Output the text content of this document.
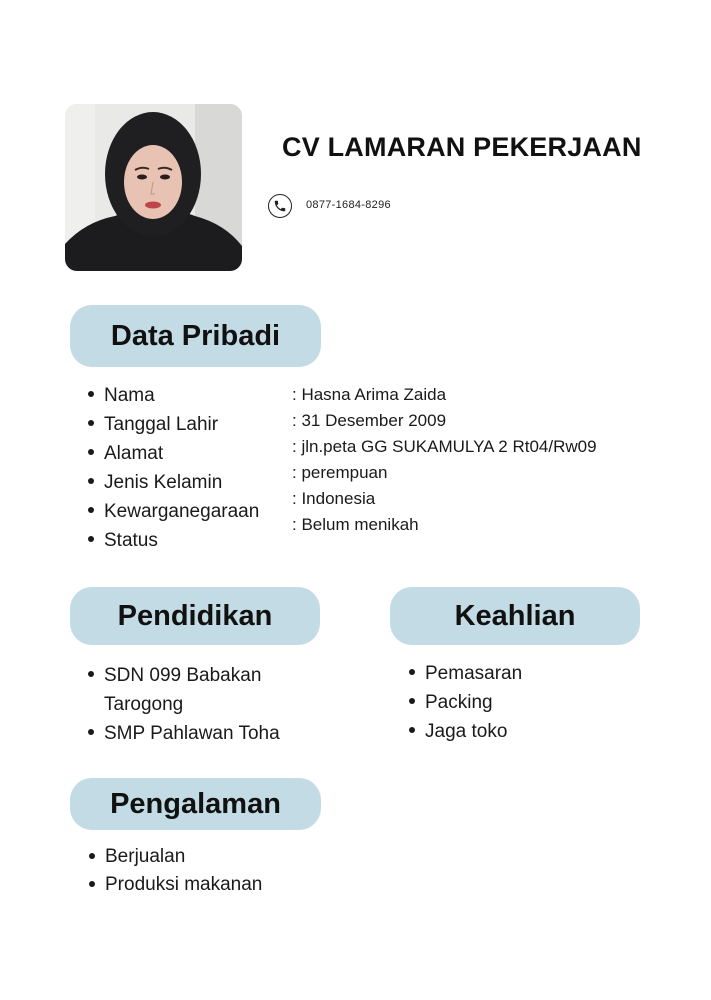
CV LAMARAN PEKERJAAN
0877-1684-8296
Data Pribadi
Nama
Tanggal Lahir
Alamat
Jenis Kelamin
Kewarganegaraan
Status
: Hasna Arima Zaida
: 31 Desember 2009
: jln.peta GG SUKAMULYA 2 Rt04/Rw09
: perempuan
: Indonesia
: Belum menikah
Pendidikan
SDN 099 Babakan Tarogong
SMP Pahlawan Toha
Keahlian
Pemasaran
Packing
Jaga toko
Pengalaman
Berjualan
Produksi makanan
